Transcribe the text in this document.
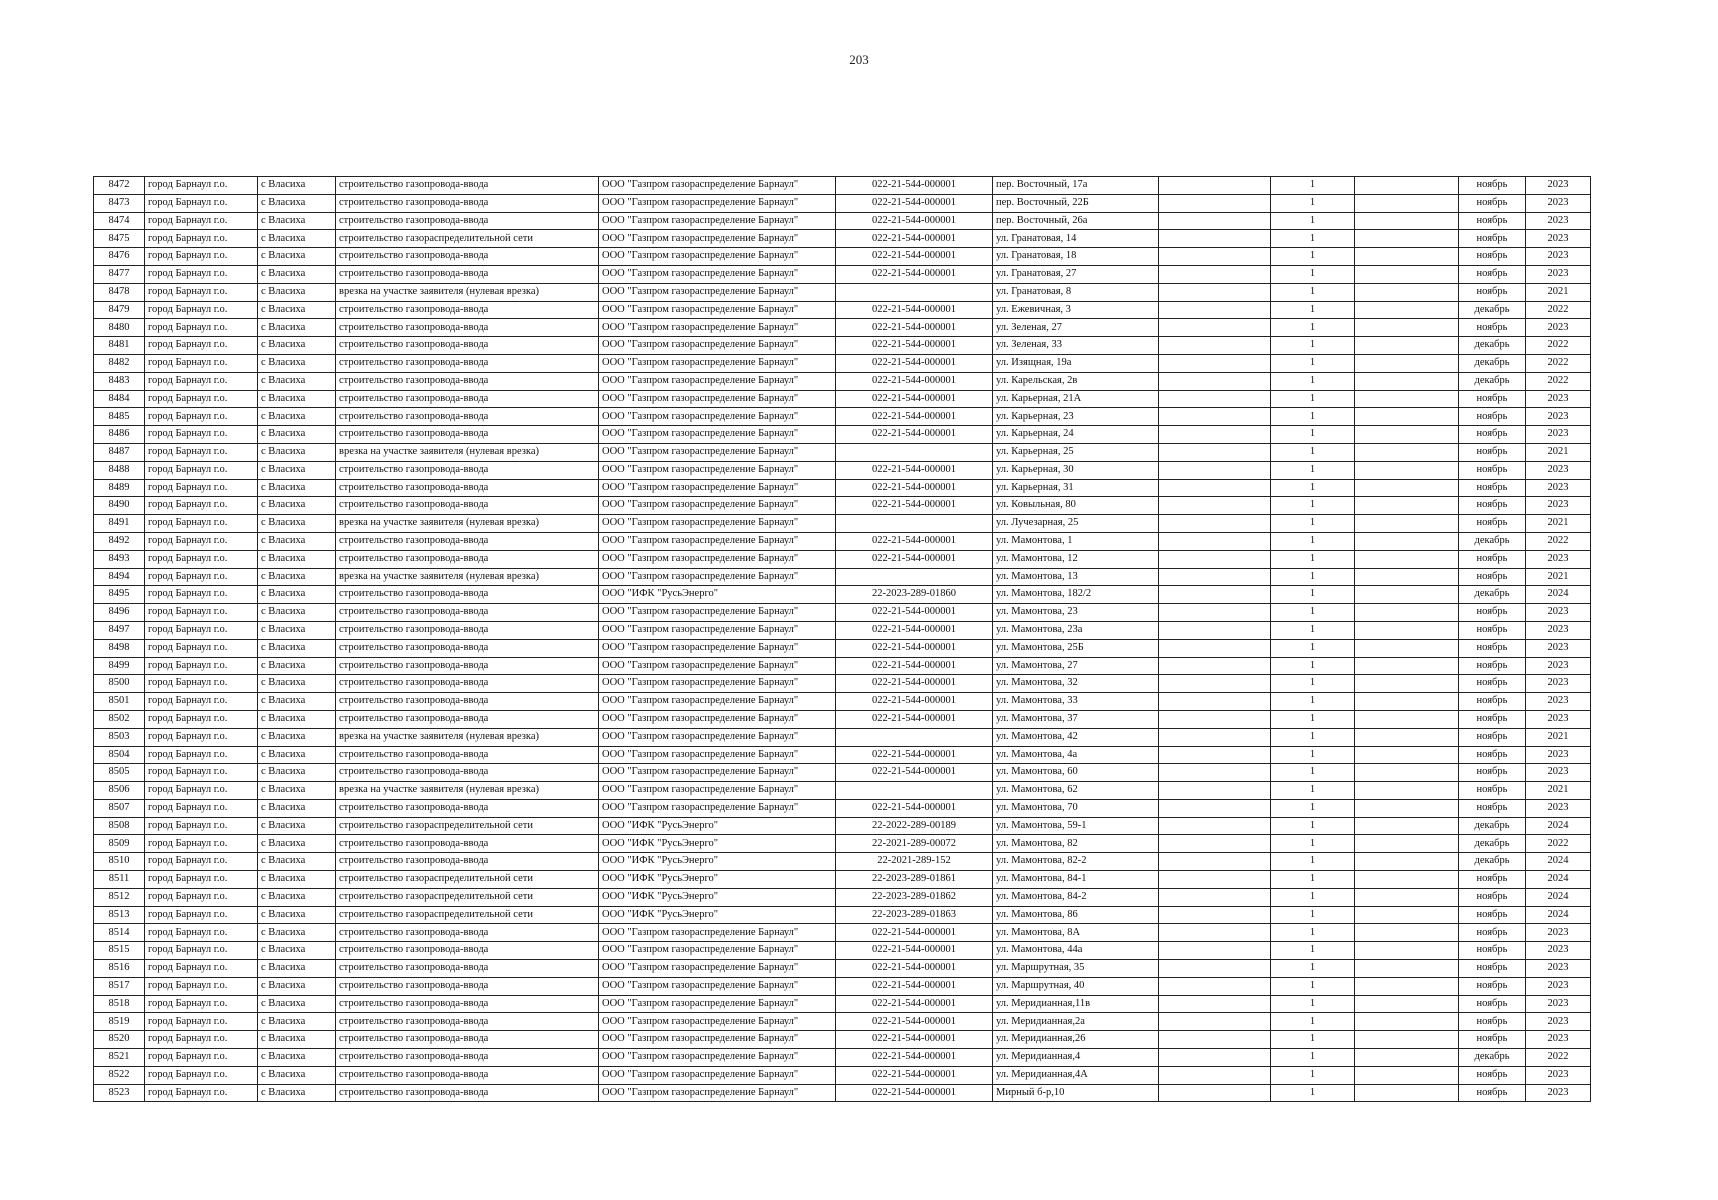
203
8472	город Барнаул г.о.	с Власиха	строительство газопровода-ввода	ООО "Газпром газораспределение Барнаул"	022-21-544-000001	пер. Восточный, 17а		1		ноябрь	2023
8473	город Барнаул г.о.	с Власиха	строительство газопровода-ввода	ООО "Газпром газораспределение Барнаул"	022-21-544-000001	пер. Восточный, 22Б		1		ноябрь	2023
8474	город Барнаул г.о.	с Власиха	строительство газопровода-ввода	ООО "Газпром газораспределение Барнаул"	022-21-544-000001	пер. Восточный, 26а		1		ноябрь	2023
8475	город Барнаул г.о.	с Власиха	строительство газораспределительной сети	ООО "Газпром газораспределение Барнаул"	022-21-544-000001	ул. Гранатовая, 14		1		ноябрь	2023
8476	город Барнаул г.о.	с Власиха	строительство газопровода-ввода	ООО "Газпром газораспределение Барнаул"	022-21-544-000001	ул. Гранатовая, 18		1		ноябрь	2023
8477	город Барнаул г.о.	с Власиха	строительство газопровода-ввода	ООО "Газпром газораспределение Барнаул"	022-21-544-000001	ул. Гранатовая, 27		1		ноябрь	2023
8478	город Барнаул г.о.	с Власиха	врезка на участке заявителя (нулевая врезка)	ООО "Газпром газораспределение Барнаул"		ул. Гранатовая, 8		1		ноябрь	2021
8479	город Барнаул г.о.	с Власиха	строительство газопровода-ввода	ООО "Газпром газораспределение Барнаул"	022-21-544-000001	ул. Ежевичная, 3		1		декабрь	2022
8480	город Барнаул г.о.	с Власиха	строительство газопровода-ввода	ООО "Газпром газораспределение Барнаул"	022-21-544-000001	ул. Зеленая, 27		1		ноябрь	2023
8481	город Барнаул г.о.	с Власиха	строительство газопровода-ввода	ООО "Газпром газораспределение Барнаул"	022-21-544-000001	ул. Зеленая, 33		1		декабрь	2022
8482	город Барнаул г.о.	с Власиха	строительство газопровода-ввода	ООО "Газпром газораспределение Барнаул"	022-21-544-000001	ул. Изящная, 19а		1		декабрь	2022
8483	город Барнаул г.о.	с Власиха	строительство газопровода-ввода	ООО "Газпром газораспределение Барнаул"	022-21-544-000001	ул. Карельская, 2в		1		декабрь	2022
8484	город Барнаул г.о.	с Власиха	строительство газопровода-ввода	ООО "Газпром газораспределение Барнаул"	022-21-544-000001	ул. Карьерная, 21А		1		ноябрь	2023
8485	город Барнаул г.о.	с Власиха	строительство газопровода-ввода	ООО "Газпром газораспределение Барнаул"	022-21-544-000001	ул. Карьерная, 23		1		ноябрь	2023
8486	город Барнаул г.о.	с Власиха	строительство газопровода-ввода	ООО "Газпром газораспределение Барнаул"	022-21-544-000001	ул. Карьерная, 24		1		ноябрь	2023
8487	город Барнаул г.о.	с Власиха	врезка на участке заявителя (нулевая врезка)	ООО "Газпром газораспределение Барнаул"		ул. Карьерная, 25		1		ноябрь	2021
8488	город Барнаул г.о.	с Власиха	строительство газопровода-ввода	ООО "Газпром газораспределение Барнаул"	022-21-544-000001	ул. Карьерная, 30		1		ноябрь	2023
8489	город Барнаул г.о.	с Власиха	строительство газопровода-ввода	ООО "Газпром газораспределение Барнаул"	022-21-544-000001	ул. Карьерная, 31		1		ноябрь	2023
8490	город Барнаул г.о.	с Власиха	строительство газопровода-ввода	ООО "Газпром газораспределение Барнаул"	022-21-544-000001	ул. Ковыльная, 80		1		ноябрь	2023
8491	город Барнаул г.о.	с Власиха	врезка на участке заявителя (нулевая врезка)	ООО "Газпром газораспределение Барнаул"		ул. Лучезарная, 25		1		ноябрь	2021
8492	город Барнаул г.о.	с Власиха	строительство газопровода-ввода	ООО "Газпром газораспределение Барнаул"	022-21-544-000001	ул. Мамонтова, 1		1		декабрь	2022
8493	город Барнаул г.о.	с Власиха	строительство газопровода-ввода	ООО "Газпром газораспределение Барнаул"	022-21-544-000001	ул. Мамонтова, 12		1		ноябрь	2023
8494	город Барнаул г.о.	с Власиха	врезка на участке заявителя (нулевая врезка)	ООО "Газпром газораспределение Барнаул"		ул. Мамонтова, 13		1		ноябрь	2021
8495	город Барнаул г.о.	с Власиха	строительство газопровода-ввода	ООО "ИФК "РусьЭнерго"	22-2023-289-01860	ул. Мамонтова, 182/2		1		декабрь	2024
8496	город Барнаул г.о.	с Власиха	строительство газопровода-ввода	ООО "Газпром газораспределение Барнаул"	022-21-544-000001	ул. Мамонтова, 23		1		ноябрь	2023
8497	город Барнаул г.о.	с Власиха	строительство газопровода-ввода	ООО "Газпром газораспределение Барнаул"	022-21-544-000001	ул. Мамонтова, 23а		1		ноябрь	2023
8498	город Барнаул г.о.	с Власиха	строительство газопровода-ввода	ООО "Газпром газораспределение Барнаул"	022-21-544-000001	ул. Мамонтова, 25Б		1		ноябрь	2023
8499	город Барнаул г.о.	с Власиха	строительство газопровода-ввода	ООО "Газпром газораспределение Барнаул"	022-21-544-000001	ул. Мамонтова, 27		1		ноябрь	2023
8500	город Барнаул г.о.	с Власиха	строительство газопровода-ввода	ООО "Газпром газораспределение Барнаул"	022-21-544-000001	ул. Мамонтова, 32		1		ноябрь	2023
8501	город Барнаул г.о.	с Власиха	строительство газопровода-ввода	ООО "Газпром газораспределение Барнаул"	022-21-544-000001	ул. Мамонтова, 33		1		ноябрь	2023
8502	город Барнаул г.о.	с Власиха	строительство газопровода-ввода	ООО "Газпром газораспределение Барнаул"	022-21-544-000001	ул. Мамонтова, 37		1		ноябрь	2023
8503	город Барнаул г.о.	с Власиха	врезка на участке заявителя (нулевая врезка)	ООО "Газпром газораспределение Барнаул"		ул. Мамонтова, 42		1		ноябрь	2021
8504	город Барнаул г.о.	с Власиха	строительство газопровода-ввода	ООО "Газпром газораспределение Барнаул"	022-21-544-000001	ул. Мамонтова, 4а		1		ноябрь	2023
8505	город Барнаул г.о.	с Власиха	строительство газопровода-ввода	ООО "Газпром газораспределение Барнаул"	022-21-544-000001	ул. Мамонтова, 60		1		ноябрь	2023
8506	город Барнаул г.о.	с Власиха	врезка на участке заявителя (нулевая врезка)	ООО "Газпром газораспределение Барнаул"		ул. Мамонтова, 62		1		ноябрь	2021
8507	город Барнаул г.о.	с Власиха	строительство газопровода-ввода	ООО "Газпром газораспределение Барнаул"	022-21-544-000001	ул. Мамонтова, 70		1		ноябрь	2023
8508	город Барнаул г.о.	с Власиха	строительство газораспределительной сети	ООО "ИФК "РусьЭнерго"	22-2022-289-00189	ул. Мамонтова, 59-1		1		декабрь	2024
8509	город Барнаул г.о.	с Власиха	строительство газопровода-ввода	ООО "ИФК "РусьЭнерго"	22-2021-289-00072	ул. Мамонтова, 82		1		декабрь	2022
8510	город Барнаул г.о.	с Власиха	строительство газопровода-ввода	ООО "ИФК "РусьЭнерго"	22-2021-289-152	ул. Мамонтова, 82-2		1		декабрь	2024
8511	город Барнаул г.о.	с Власиха	строительство газораспределительной сети	ООО "ИФК "РусьЭнерго"	22-2023-289-01861	ул. Мамонтова, 84-1		1		ноябрь	2024
8512	город Барнаул г.о.	с Власиха	строительство газораспределительной сети	ООО "ИФК "РусьЭнерго"	22-2023-289-01862	ул. Мамонтова, 84-2		1		ноябрь	2024
8513	город Барнаул г.о.	с Власиха	строительство газораспределительной сети	ООО "ИФК "РусьЭнерго"	22-2023-289-01863	ул. Мамонтова, 86		1		ноябрь	2024
8514	город Барнаул г.о.	с Власиха	строительство газопровода-ввода	ООО "Газпром газораспределение Барнаул"	022-21-544-000001	ул. Мамонтова, 8А		1		ноябрь	2023
8515	город Барнаул г.о.	с Власиха	строительство газопровода-ввода	ООО "Газпром газораспределение Барнаул"	022-21-544-000001	ул. Мамонтова, 44а		1		ноябрь	2023
8516	город Барнаул г.о.	с Власиха	строительство газопровода-ввода	ООО "Газпром газораспределение Барнаул"	022-21-544-000001	ул. Маршрутная, 35		1		ноябрь	2023
8517	город Барнаул г.о.	с Власиха	строительство газопровода-ввода	ООО "Газпром газораспределение Барнаул"	022-21-544-000001	ул. Маршрутная, 40		1		ноябрь	2023
8518	город Барнаул г.о.	с Власиха	строительство газопровода-ввода	ООО "Газпром газораспределение Барнаул"	022-21-544-000001	ул. Меридианная,11в		1		ноябрь	2023
8519	город Барнаул г.о.	с Власиха	строительство газопровода-ввода	ООО "Газпром газораспределение Барнаул"	022-21-544-000001	ул. Меридианная,2а		1		ноябрь	2023
8520	город Барнаул г.о.	с Власиха	строительство газопровода-ввода	ООО "Газпром газораспределение Барнаул"	022-21-544-000001	ул. Меридианная,26		1		ноябрь	2023
8521	город Барнаул г.о.	с Власиха	строительство газопровода-ввода	ООО "Газпром газораспределение Барнаул"	022-21-544-000001	ул. Меридианная,4		1		декабрь	2022
8522	город Барнаул г.о.	с Власиха	строительство газопровода-ввода	ООО "Газпром газораспределение Барнаул"	022-21-544-000001	ул. Меридианная,4А		1		ноябрь	2023
8523	город Барнаул г.о.	с Власиха	строительство газопровода-ввода	ООО "Газпром газораспределение Барнаул"	022-21-544-000001	Мирный б-р,10		1		ноябрь	2023
